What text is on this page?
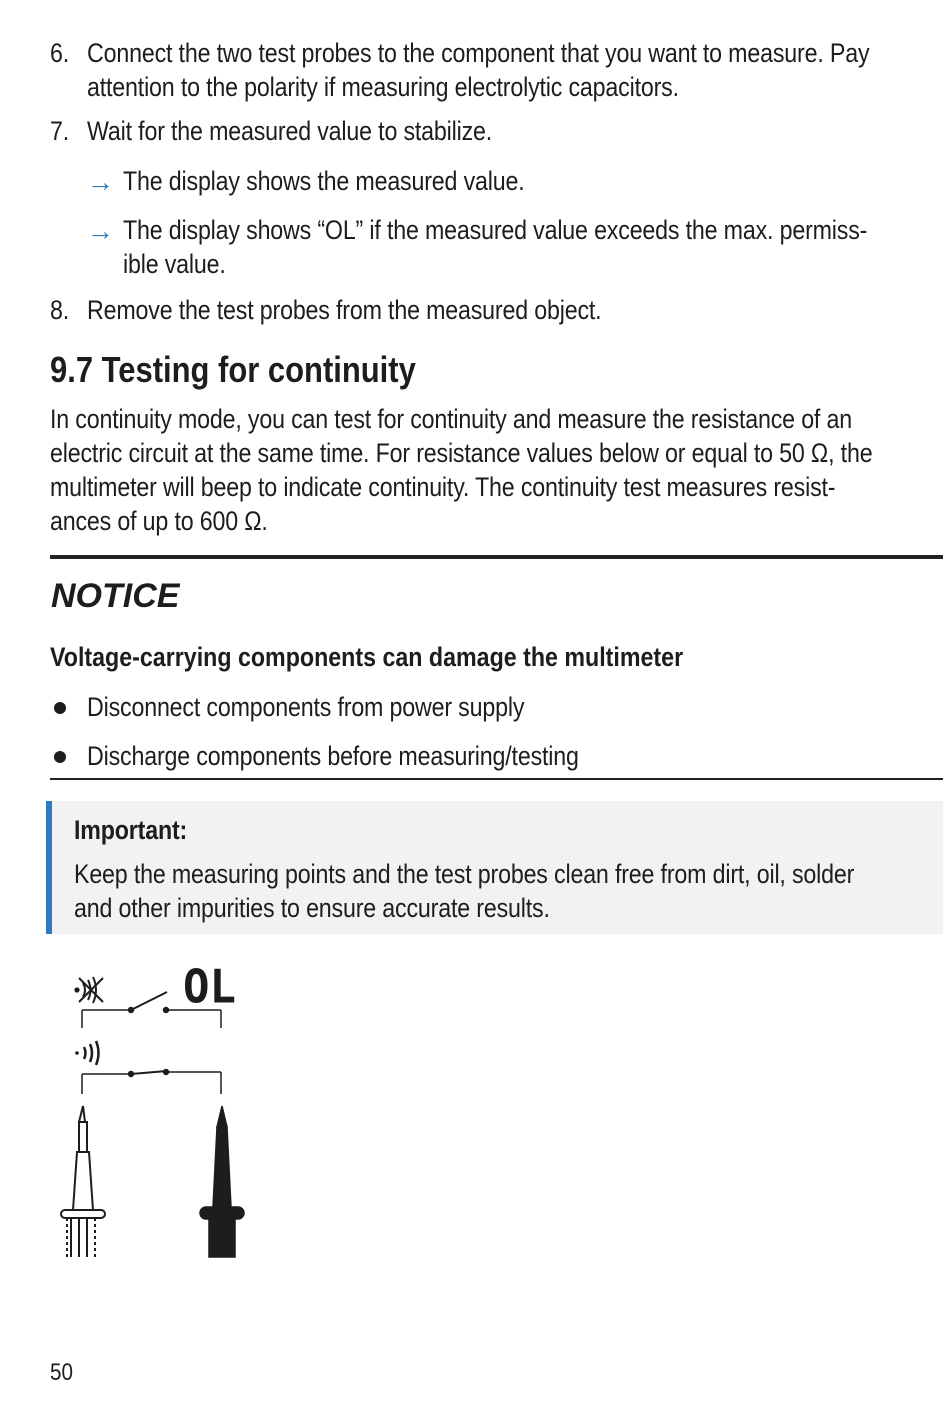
6. Connect the two test probes to the component that you want to measure. Pay
attention to the polarity if measuring electrolytic capacitors.
7. Wait for the measured value to stabilize.
→ The display shows the measured value.
→ The display shows “OL” if the measured value exceeds the max. permiss-
ible value.
8. Remove the test probes from the measured object.
9.7 Testing for continuity
In continuity mode, you can test for continuity and measure the resistance of an
electric circuit at the same time. For resistance values below or equal to 50 Ω, the
multimeter will beep to indicate continuity. The continuity test measures resist-
ances of up to 600 Ω.
NOTICE
Voltage-carrying components can damage the multimeter
Disconnect components from power supply
Discharge components before measuring/testing
Important:
Keep the measuring points and the test probes clean free from dirt, oil, solder
and other impurities to ensure accurate results.
OL
50
